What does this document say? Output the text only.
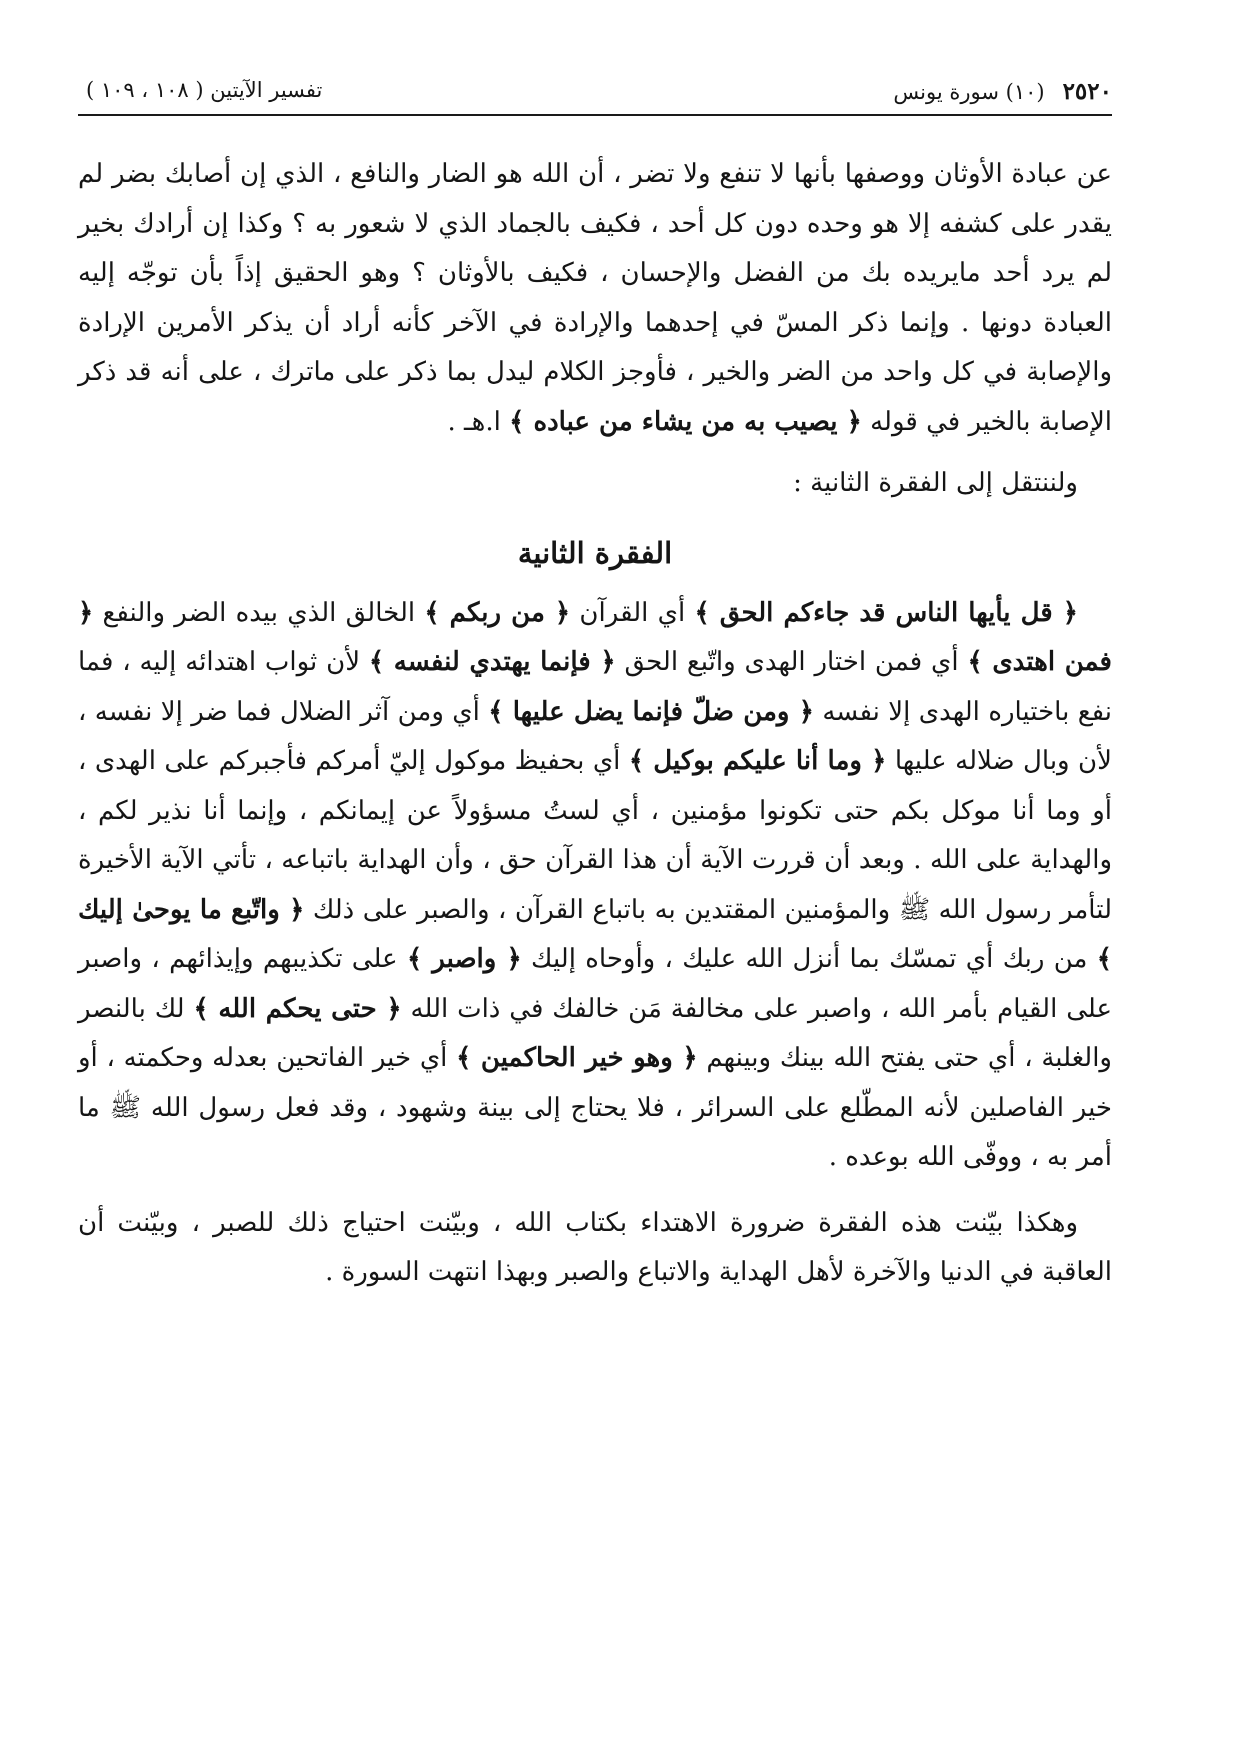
٢٥٢٠
(١٠) سورة يونس
تفسير الآيتين ( ١٠٨ ، ١٠٩ )

عن عبادة الأوثان ووصفها بأنها لا تنفع ولا تضر ، أن الله هو الضار والنافع ، الذي إن أصابك بضر لم يقدر على كشفه إلا هو وحده دون كل أحد ، فكيف بالجماد الذي لا شعور به ؟ وكذا إن أرادك بخير لم يرد أحد مايريده بك من الفضل والإحسان ، فكيف بالأوثان ؟ وهو الحقيق إذاً بأن توجّه إليه العبادة دونها . وإنما ذكر المسّ في إحدهما والإرادة في الآخر كأنه أراد أن يذكر الأمرين الإرادة والإصابة في كل واحد من الضر والخير ، فأوجز الكلام ليدل بما ذكر على ماترك ، على أنه قد ذكر الإصابة بالخير في قوله ﴿ يصيب به من يشاء من عباده ﴾ ا.هـ .

ولننتقل إلى الفقرة الثانية :

الفقرة الثانية

﴿ قل يأيها الناس قد جاءكم الحق ﴾ أي القرآن ﴿ من ربكم ﴾ الخالق الذي بيده الضر والنفع ﴿ فمن اهتدى ﴾ أي فمن اختار الهدى واتّبع الحق ﴿ فإنما يهتدي لنفسه ﴾ لأن ثواب اهتدائه إليه ، فما نفع باختياره الهدى إلا نفسه ﴿ ومن ضلّ فإنما يضل عليها ﴾ أي ومن آثر الضلال فما ضر إلا نفسه ، لأن وبال ضلاله عليها ﴿ وما أنا عليكم بوكيل ﴾ أي بحفيظ موكول إليّ أمركم فأجبركم على الهدى ، أو وما أنا موكل بكم حتى تكونوا مؤمنين ، أي لستُ مسؤولاً عن إيمانكم ، وإنما أنا نذير لكم ، والهداية على الله . وبعد أن قررت الآية أن هذا القرآن حق ، وأن الهداية باتباعه ، تأتي الآية الأخيرة لتأمر رسول الله ﷺ والمؤمنين المقتدين به باتباع القرآن ، والصبر على ذلك ﴿ واتّبع ما يوحىٰ إليك ﴾ من ربك أي تمسّك بما أنزل الله عليك ، وأوحاه إليك ﴿ واصبر ﴾ على تكذيبهم وإيذائهم ، واصبر على القيام بأمر الله ، واصبر على مخالفة مَن خالفك في ذات الله ﴿ حتى يحكم الله ﴾ لك بالنصر والغلبة ، أي حتى يفتح الله بينك وبينهم ﴿ وهو خير الحاكمين ﴾ أي خير الفاتحين بعدله وحكمته ، أو خير الفاصلين لأنه المطّلع على السرائر ، فلا يحتاج إلى بينة وشهود ، وقد فعل رسول الله ﷺ ما أمر به ، ووفّى الله بوعده .

وهكذا بيّنت هذه الفقرة ضرورة الاهتداء بكتاب الله ، وبيّنت احتياج ذلك للصبر ، وبيّنت أن العاقبة في الدنيا والآخرة لأهل الهداية والاتباع والصبر وبهذا انتهت السورة .
